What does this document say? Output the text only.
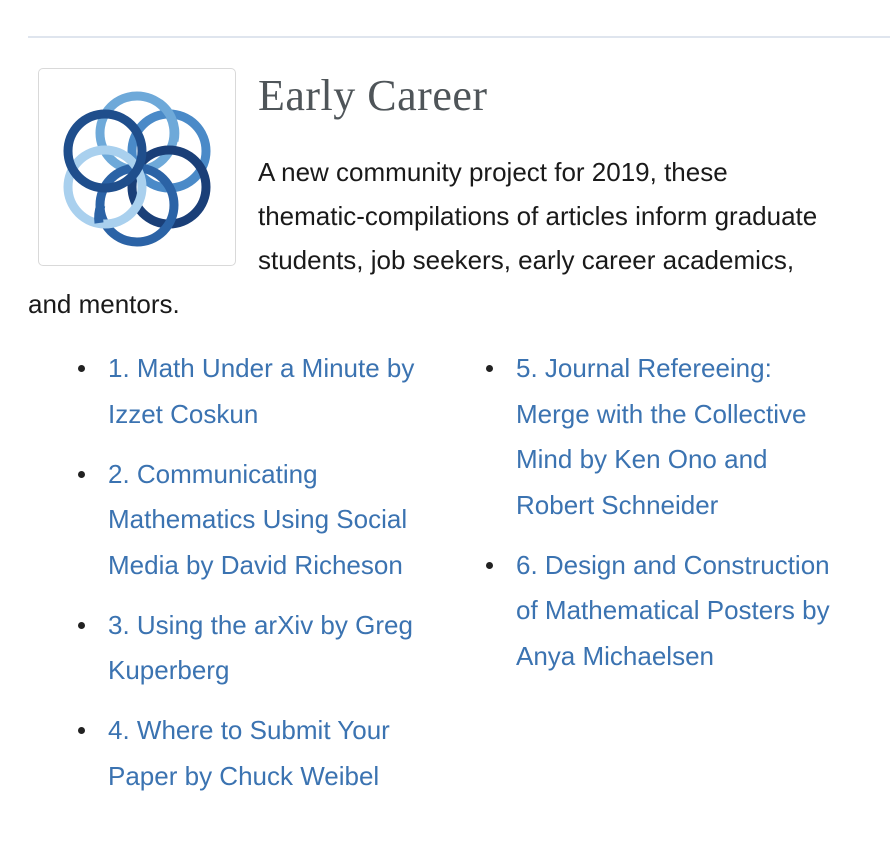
Early Career

A new community project for 2019, these thematic-compilations of articles inform graduate students, job seekers, early career academics, and mentors.

1. Math Under a Minute by Izzet Coskun
2. Communicating Mathematics Using Social Media by David Richeson
3. Using the arXiv by Greg Kuperberg
4. Where to Submit Your Paper by Chuck Weibel
5. Journal Refereeing: Merge with the Collective Mind by Ken Ono and Robert Schneider
6. Design and Construction of Mathematical Posters by Anya Michaelsen
